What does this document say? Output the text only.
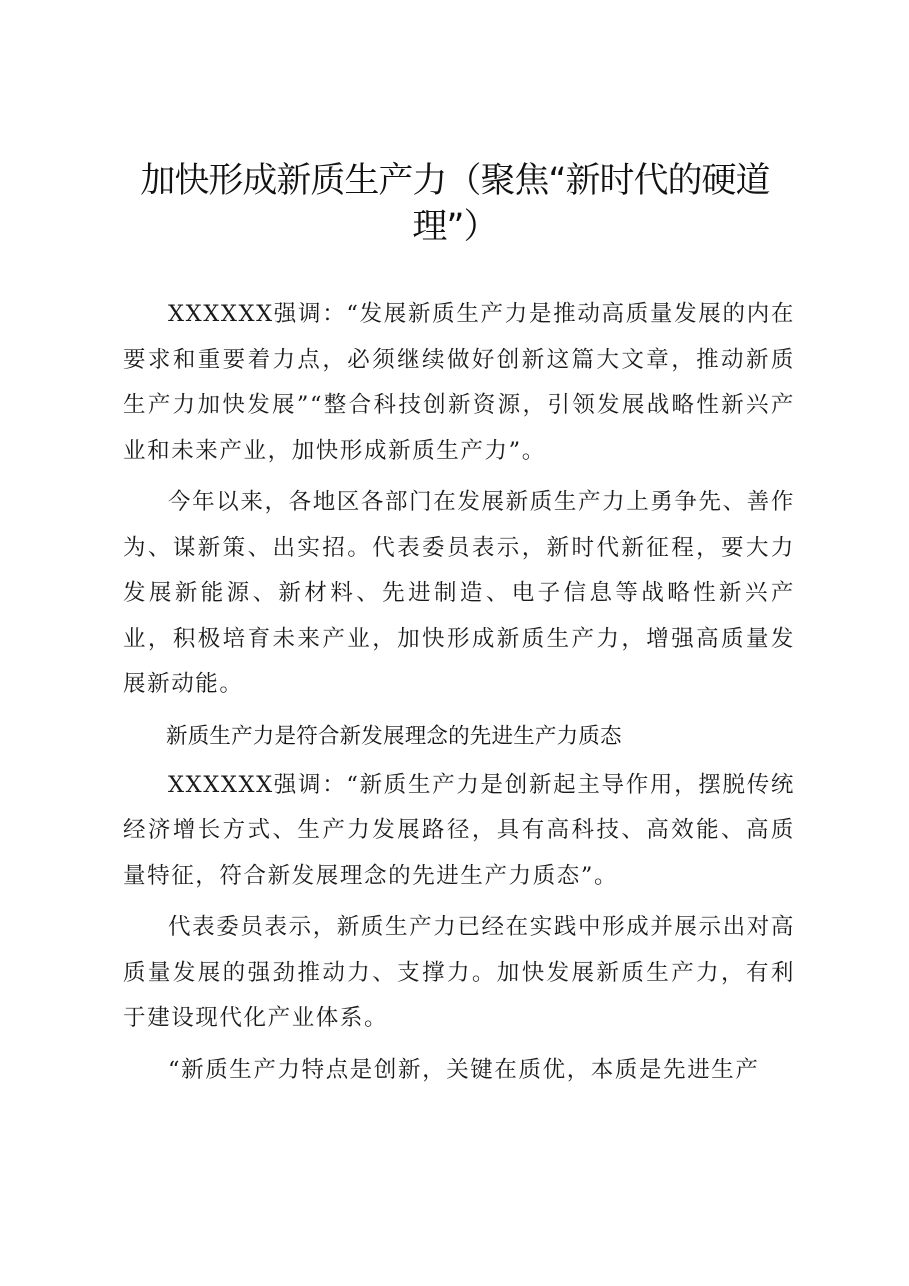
加快形成新质生产力（聚焦“新时代的硬道理”）

XXXXXX强调：“发展新质生产力是推动高质量发展的内在要求和重要着力点，必须继续做好创新这篇大文章，推动新质生产力加快发展”“整合科技创新资源，引领发展战略性新兴产业和未来产业，加快形成新质生产力”。

今年以来，各地区各部门在发展新质生产力上勇争先、善作为、谋新策、出实招。代表委员表示，新时代新征程，要大力发展新能源、新材料、先进制造、电子信息等战略性新兴产业，积极培育未来产业，加快形成新质生产力，增强高质量发展新动能。

新质生产力是符合新发展理念的先进生产力质态

XXXXXX强调：“新质生产力是创新起主导作用，摆脱传统经济增长方式、生产力发展路径，具有高科技、高效能、高质量特征，符合新发展理念的先进生产力质态”。

代表委员表示，新质生产力已经在实践中形成并展示出对高质量发展的强劲推动力、支撑力。加快发展新质生产力，有利于建设现代化产业体系。

“新质生产力特点是创新，关键在质优，本质是先进生产
